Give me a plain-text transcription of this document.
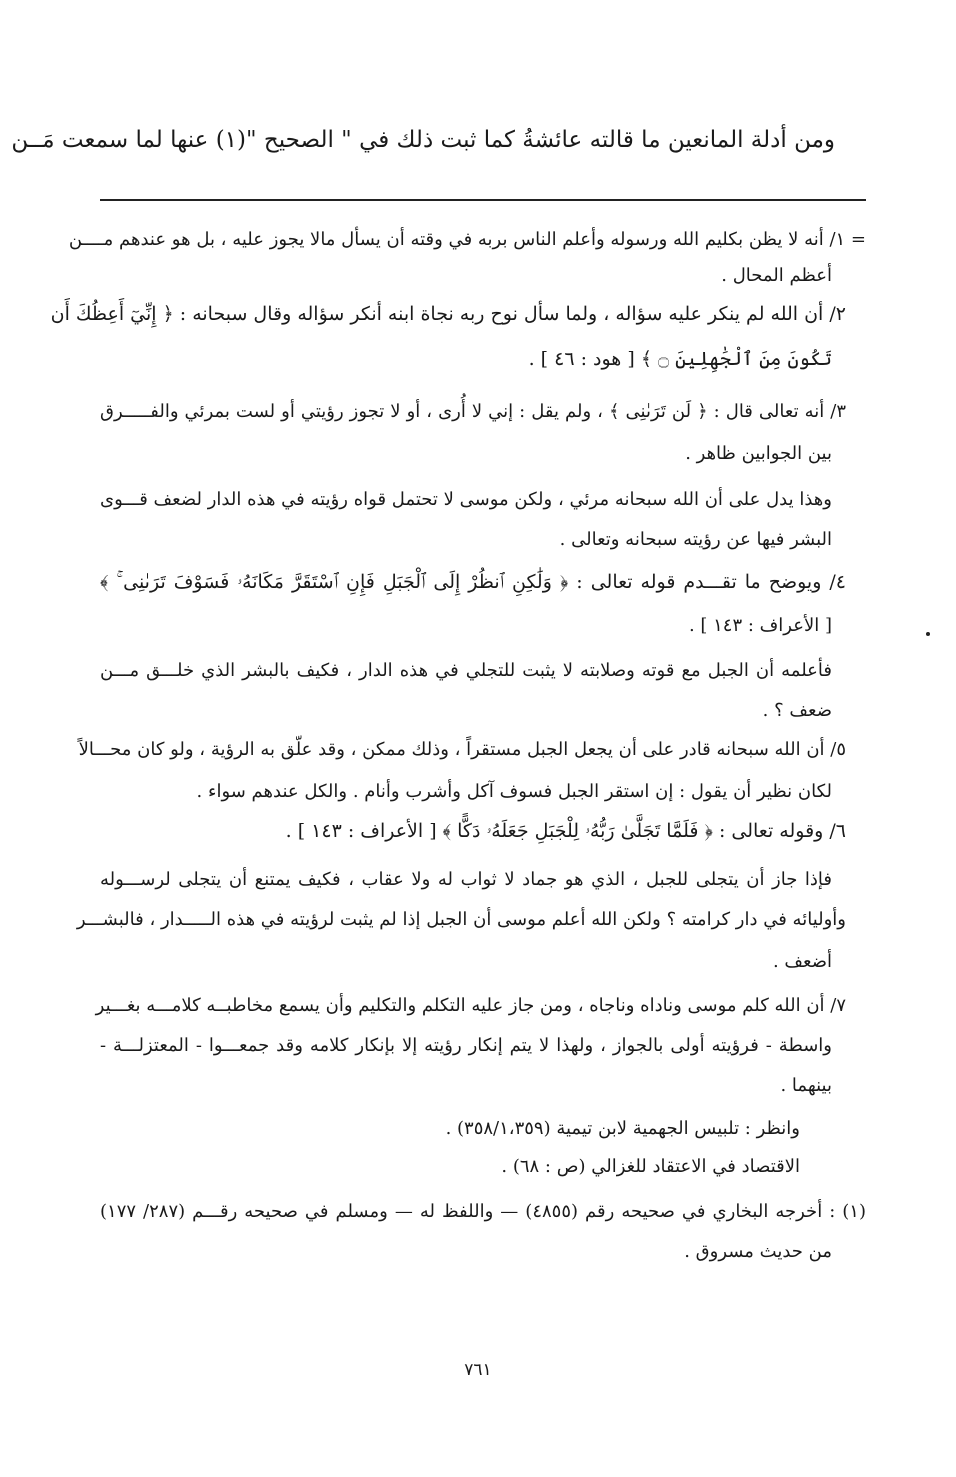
ومن أدلة المانعين ما قالته عائشةُ كما ثبت ذلك في " الصحيح "(١) عنها لما سمعت مَــن
= ١/ أنه لا يظن بكليم الله ورسوله وأعلم الناس بربه في وقته أن يسأل مالا يجوز عليه ، بل هو عندهم مــــن
أعظم المحال .
٢/ أن الله لم ينكر عليه سؤاله ، ولما سأل نوح ربه نجاة ابنه أنكر سؤاله وقال سبحانه : ﴿ إِنِّيٓ أَعِظُكَ أَن
تَكُونَ مِنَ ٱلْجَٰهِلِينَ ۝ ﴾ [ هود : ٤٦ ] .
٣/ أنه تعالى قال : ﴿ لَن تَرَىٰنِى ﴾ ، ولم يقل : إني لا أُرى ، أو لا تجوز رؤيتي أو لست بمرئي والفـــــرق
بين الجوابين ظاهر .
وهذا يدل على أن الله سبحانه مرئي ، ولكن موسى لا تحتمل قواه رؤيته في هذه الدار لضعف قـــوى
البشر فيها عن رؤيته سبحانه وتعالى .
٤/ ويوضح ما تقـــدم قوله تعالى : ﴿ وَلَٰكِنِ ٱنظُرْ إِلَى ٱلْجَبَلِ فَإِنِ ٱسْتَقَرَّ مَكَانَهُۥ فَسَوْفَ تَرَىٰنِى ۚ ﴾
[ الأعراف : ١٤٣ ] .
فأعلمه أن الجبل مع قوته وصلابته لا يثبت للتجلي في هذه الدار ، فكيف بالبشر الذي خلـــق مـــن
ضعف ؟ .
٥/ أن الله سبحانه قادر على أن يجعل الجبل مستقراً ، وذلك ممكن ، وقد علّق به الرؤية ، ولو كان محـــالاً
لكان نظير أن يقول : إن استقر الجبل فسوف آكل وأشرب وأنام . والكل عندهم سواء .
٦/ وقوله تعالى : ﴿ فَلَمَّا تَجَلَّىٰ رَبُّهُۥ لِلْجَبَلِ جَعَلَهُۥ دَكًّا ﴾ [ الأعراف : ١٤٣ ] .
فإذا جاز أن يتجلى للجبل ، الذي هو جماد لا ثواب له ولا عقاب ، فكيف يمتنع أن يتجلى لرســـوله
وأوليائه في دار كرامته ؟ ولكن الله أعلم موسى أن الجبل إذا لم يثبت لرؤيته في هذه الـــــدار ، فالبشـــر
أضعف .
٧/ أن الله كلم موسى وناداه وناجاه ، ومن جاز عليه التكلم والتكليم وأن يسمع مخاطبــه كلامـــه بغـــير
واسطة - فرؤيته أولى بالجواز ، ولهذا لا يتم إنكار رؤيته إلا بإنكار كلامه وقد جمعـــوا - المعتزلـــة -
بينهما .
وانظر : تلبيس الجهمية لابن تيمية (٣٥٨/١،٣٥٩) .
الاقتصاد في الاعتقاد للغزالي (ص : ٦٨) .
(١) : أخرجه البخاري في صحيحه رقم (٤٨٥٥) — واللفظ له — ومسلم في صحيحه رقـــم (٢٨٧/ ١٧٧)
من حديث مسروق .
٧٦١
